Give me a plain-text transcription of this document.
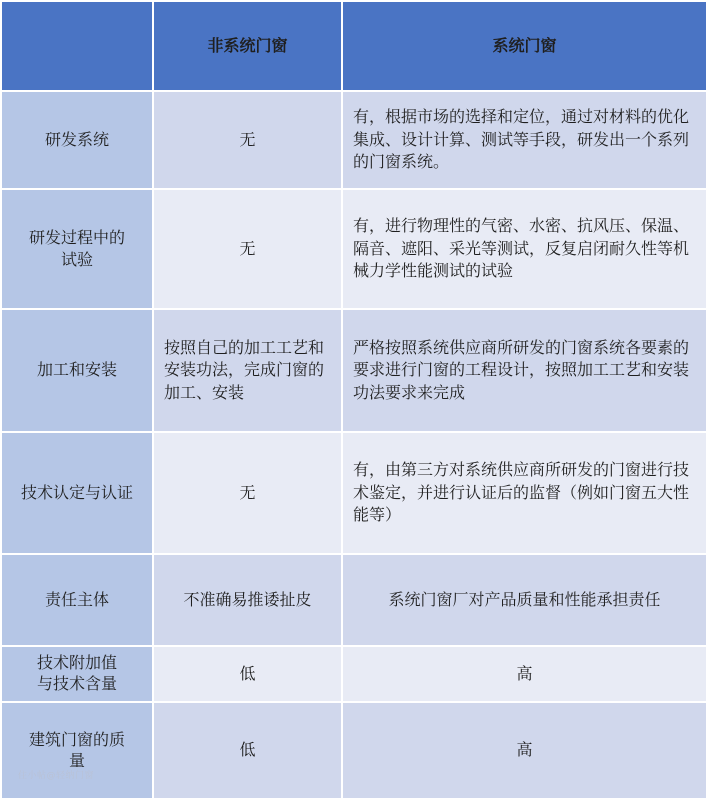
	非系统门窗	系统门窗
研发系统	无	有，根据市场的选择和定位，通过对材料的优化集成、设计计算、测试等手段，研发出一个系列的门窗系统。
研发过程中的试验	无	有，进行物理性的气密、水密、抗风压、保温、隔音、遮阳、采光等测试，反复启闭耐久性等机械力学性能测试的试验
加工和安装	按照自己的加工工艺和安装功法，完成门窗的加工、安装	严格按照系统供应商所研发的门窗系统各要素的要求进行门窗的工程设计，按照加工工艺和安装功法要求来完成
技术认定与认证	无	有，由第三方对系统供应商所研发的门窗进行技术鉴定，并进行认证后的监督（例如门窗五大性能等）
责任主体	不准确易推诿扯皮	系统门窗厂对产品质量和性能承担责任
技术附加值与技术含量	低	高
建筑门窗的质量	低	高
住小帖@轻纳门窗
